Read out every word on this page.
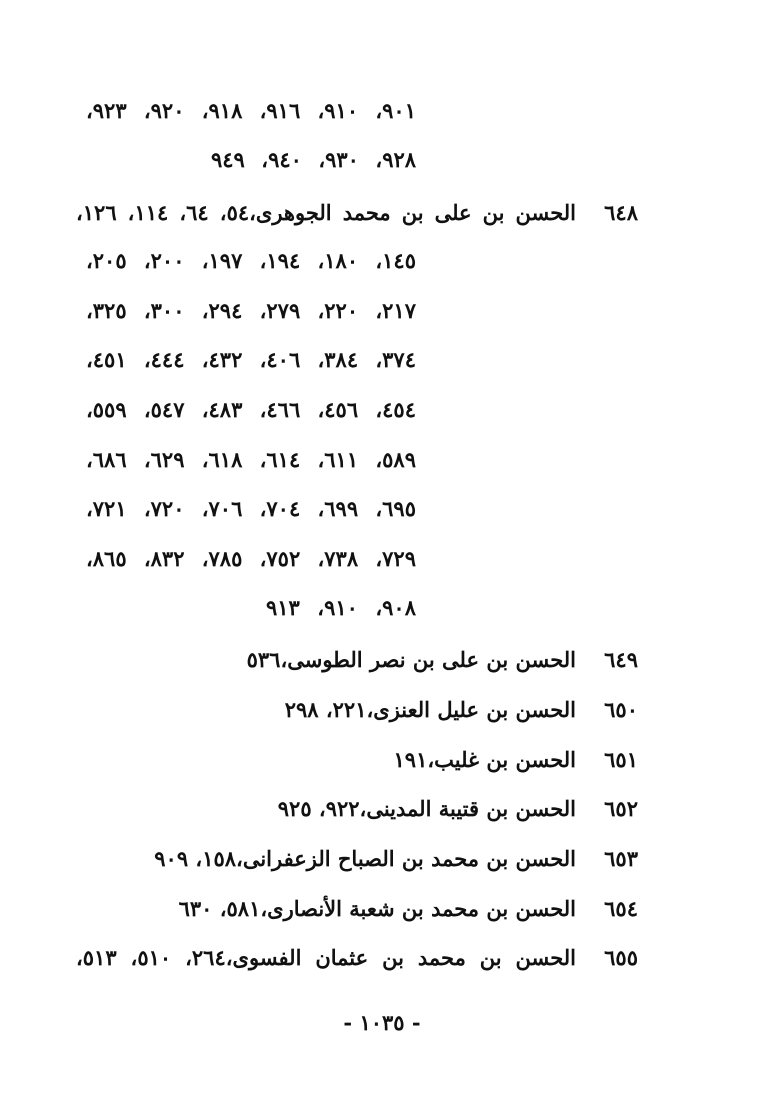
٩٠١، ٩١٠، ٩١٦، ٩١٨، ٩٢٠، ٩٢٣،
٩٢٨، ٩٣٠، ٩٤٠، ٩٤٩
٦٤٨
الحسن بن على بن محمد الجوهرى،٥٤، ٦٤، ١١٤، ١٢٦،
١٤٥، ١٨٠، ١٩٤، ١٩٧، ٢٠٠، ٢٠٥،
٢١٧، ٢٢٠، ٢٧٩، ٢٩٤، ٣٠٠، ٣٢٥،
٣٧٤، ٣٨٤، ٤٠٦، ٤٣٢، ٤٤٤، ٤٥١،
٤٥٤، ٤٥٦، ٤٦٦، ٤٨٣، ٥٤٧، ٥٥٩،
٥٨٩، ٦١١، ٦١٤، ٦١٨، ٦٢٩، ٦٨٦،
٦٩٥، ٦٩٩، ٧٠٤، ٧٠٦، ٧٢٠، ٧٢١،
٧٢٩، ٧٣٨، ٧٥٢، ٧٨٥، ٨٣٢، ٨٦٥،
٩٠٨، ٩١٠، ٩١٣
٦٤٩
الحسن بن على بن نصر الطوسى،٥٣٦
٦٥٠
الحسن بن عليل العنزى،٢٢١، ٢٩٨
٦٥١
الحسن بن غليب،١٩١
٦٥٢
الحسن بن قتيبة المدينى،٩٢٢، ٩٢٥
٦٥٣
الحسن بن محمد بن الصباح الزعفرانى،١٥٨، ٩٠٩
٦٥٤
الحسن بن محمد بن شعبة الأنصارى،٥٨١، ٦٣٠
٦٥٥
الحسن بن محمد بن عثمان الفسوى،٢٦٤، ٥١٠، ٥١٣،
- ١٠٣٥ -
